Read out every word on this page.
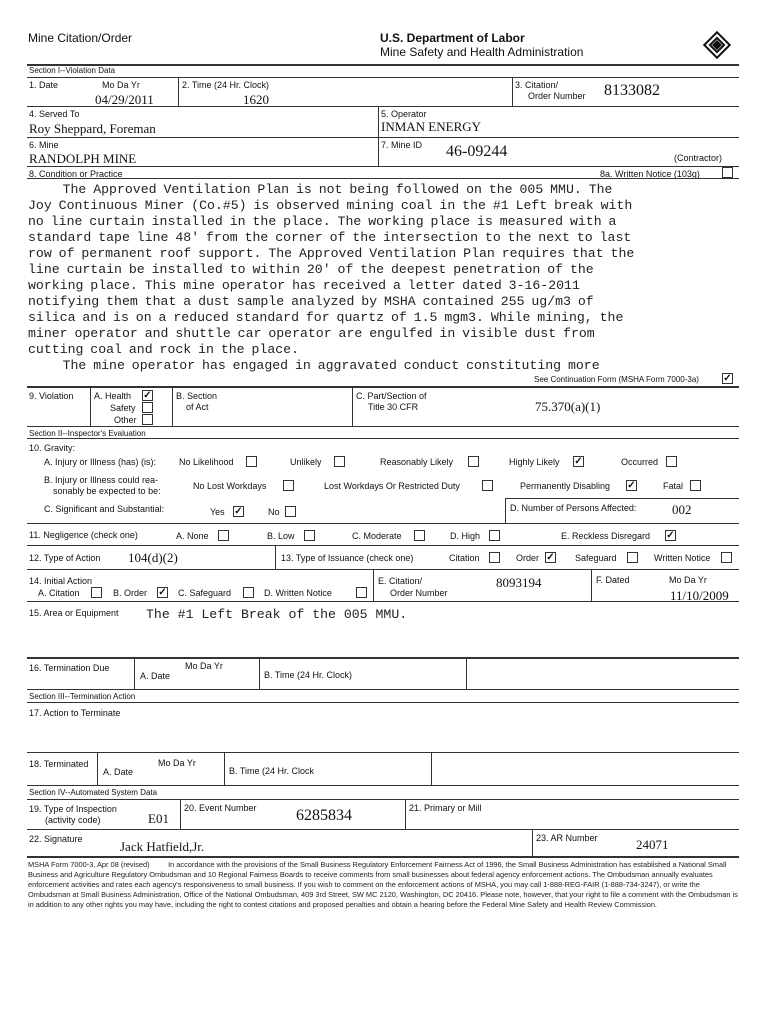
Mine Citation/Order	U.S. Department of Labor
Mine Safety and Health Administration
Section I--Violation Data
1. Date	Mo Da Yr
04/29/2011
2. Time (24 Hr. Clock)
1620
3. Citation/
Order Number 8133082
4. Served To
Roy Sheppard, Foreman
5. Operator
INMAN ENERGY
6. Mine
RANDOLPH MINE
7. Mine ID 46-09244	(Contractor)
8. Condition or Practice	8a. Written Notice (103g)
The Approved Ventilation Plan is not being followed on the 005 MMU. The
Joy Continuous Miner (Co.#5) is observed mining coal in the #1 Left break with
no line curtain installed in the place. The working place is measured with a
standard tape line 48' from the corner of the intersection to the next to last
row of permanent roof support. The Approved Ventilation Plan requires that the
line curtain be installed to within 20' of the deepest penetration of the
working place. This mine operator has received a letter dated 3-16-2011
notifying them that a dust sample analyzed by MSHA contained 255 ug/m3 of
silica and is on a reduced standard for quartz of 1.5 mgm3. While mining, the
miner operator and shuttle car operator are engulfed in visible dust from
cutting coal and rock in the place.
The mine operator has engaged in aggravated conduct constituting more
See Continuation Form (MSHA Form 7000-3a) ✓
9. Violation A. Health ✓
Safety
Other
B. Section
of Act
C. Part/Section of
Title 30 CFR	75.370(a)(1)
Section II--Inspector's Evaluation
10. Gravity:
A. Injury or Illness (has) (is):	No Likelihood	Unlikely	Reasonably Likely	Highly Likely ✓	Occurred
B. Injury or Illness could rea-
sonably be expected to be:	No Lost Workdays	Lost Workdays Or Restricted Duty	Permanently Disabling ✓	Fatal
C. Significant and Substantial:	Yes ✓	No	D. Number of Persons Affected:	002
11. Negligence (check one)	A. None	B. Low	C. Moderate	D. High	E. Reckless Disregard ✓
12. Type of Action 104(d)(2)	13. Type of Issuance (check one)	Citation	Order ✓ Safeguard	Written Notice
14. Initial Action
A. Citation	B. Order ✓ C. Safeguard	D. Written Notice
E. Citation/
Order Number
8093194	F. Dated	Mo Da Yr
11/10/2009
15. Area or Equipment The #1 Left Break of the 005 MMU.
16. Termination Due
A. Date
Mo Da Yr
B. Time (24 Hr. Clock)
Section III--Termination Action
17. Action to Terminate
18. Terminated
A. Date
Mo Da Yr
B. Time (24 Hr. Clock
Section IV--Automated System Data
19. Type of Inspection
(activity code)	E01
20. Event Number 6285834	21. Primary or Mill
22. Signature	Jack Hatfield,Jr.
23. AR Number	24071
MSHA Form 7000-3, Apr 08 (revised) In accordance with the provisions of the Small Business Regulatory Enforcement Fairness Act of 1996, the Small Business Administration has established a National Small Business and Agriculture Regulatory Ombudsman and 10 Regional Fairness Boards to receive comments from small businesses about federal agency enforcement actions. The Ombudsman annually evaluates enforcement activities and rates each agency's responsiveness to small business. If you wish to comment on the enforcement actions of MSHA, you may call 1-888-REG-FAIR (1-888-734-3247), or write the Ombudsman at Small Business Administration, Office of the National Ombudsman, 409 3rd Street, SW MC 2120, Washington, DC 20416. Please note, however, that your right to file a comment with the Ombudsman is in addition to any other rights you may have, including the right to contest citations and proposed penalties and obtain a hearing before the Federal Mine Safety and Health Review Commission.
